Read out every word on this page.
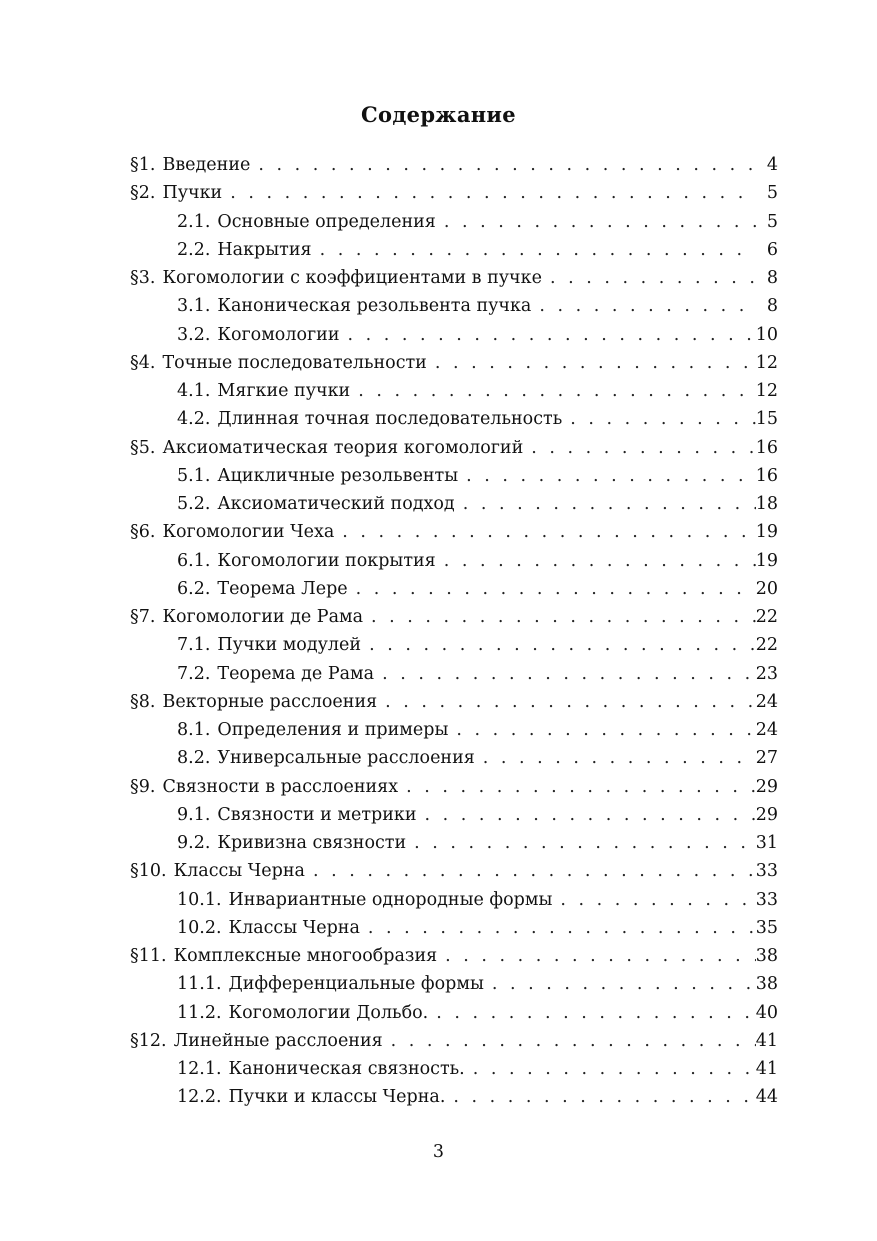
Содержание
§1. Введение . . .	4
§2. Пучки . . .	5
2.1. Основные определения . . .	5
2.2. Накрытия . . .	6
§3. Когомологии с коэффициентами в пучке . . .	8
3.1. Каноническая резольвента пучка . . .	8
3.2. Когомологии . . .	10
§4. Точные последовательности . . .	12
4.1. Мягкие пучки . . .	12
4.2. Длинная точная последовательность . . .	15
§5. Аксиоматическая теория когомологий . . .	16
5.1. Ацикличные резольвенты . . .	16
5.2. Аксиоматический подход . . .	18
§6. Когомологии Чеха . . .	19
6.1. Когомологии покрытия . . .	19
6.2. Теорема Лере . . .	20
§7. Когомологии де Рама . . .	22
7.1. Пучки модулей . . .	22
7.2. Теорема де Рама . . .	23
§8. Векторные расслоения . . .	24
8.1. Определения и примеры . . .	24
8.2. Универсальные расслоения . . .	27
§9. Связности в расслоениях . . .	29
9.1. Связности и метрики . . .	29
9.2. Кривизна связности . . .	31
§10. Классы Черна . . .	33
10.1. Инвариантные однородные формы . . .	33
10.2. Классы Черна . . .	35
§11. Комплексные многообразия . . .	38
11.1. Дифференциальные формы . . .	38
11.2. Когомологии Дольбо. . . .	40
§12. Линейные расслоения . . .	41
12.1. Каноническая связность. . . .	41
12.2. Пучки и классы Черна. . . .	44
3
